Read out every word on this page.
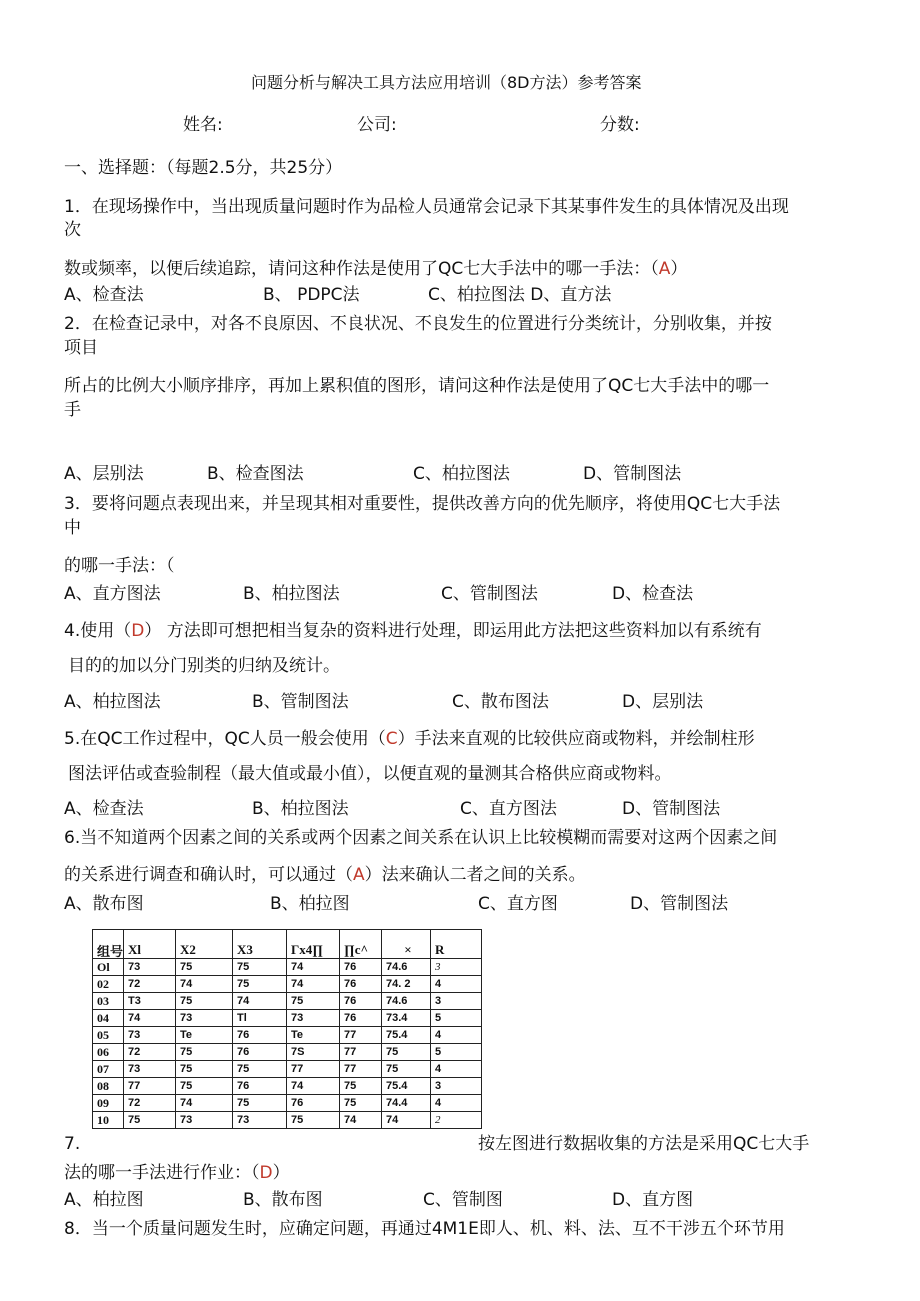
问题分析与解决工具方法应用培训（8D方法）参考答案
姓名:	公司:	分数:
一、选择题：（每题2.5分，共25分）
1．在现场操作中，当出现质量问题时作为品检人员通常会记录下其某事件发生的具体情况及出现
次
数或频率，以便后续追踪，请问这种作法是使用了QC七大手法中的哪一手法：（A）
A、检查法	B、 PDPC法	C、柏拉图法 D、直方法
2．在检查记录中，对各不良原因、不良状况、不良发生的位置进行分类统计，分别收集，并按
项目
所占的比例大小顺序排序，再加上累积值的图形，请问这种作法是使用了QC七大手法中的哪一
手
A、层别法	B、检查图法	C、柏拉图法	D、管制图法
3．要将问题点表现出来，并呈现其相对重要性，提供改善方向的优先顺序，将使用QC七大手法
中
的哪一手法：（
A、直方图法	B、柏拉图法	C、管制图法	D、检查法
4.使用（D） 方法即可想把相当复杂的资料进行处理，即运用此方法把这些资料加以有系统有
目的的加以分门别类的归纳及统计。
A、柏拉图法	B、管制图法	C、散布图法	D、层别法
5.在QC工作过程中，QC人员一般会使用（C）手法来直观的比较供应商或物料，并绘制柱形
图法评估或查验制程（最大值或最小值），以便直观的量测其合格供应商或物料。
A、检查法	B、柏拉图法	C、直方图法	D、管制图法
6.当不知道两个因素之间的关系或两个因素之间关系在认识上比较模糊而需要对这两个因素之间
的关系进行调查和确认时，可以通过（A）法来确认二者之间的关系。
A、散布图	B、柏拉图	C、直方图	D、管制图法
组号	Xl	X2	X3	Γx4∏	∏c^	×	R
Ol	73	75	75	74	76	74.6	3
02	72	74	75	74	76	74. 2	4
03	T3	75	74	75	76	74.6	3
04	74	73	Tl	73	76	73.4	5
05	73	Te	76	Te	77	75.4	4
06	72	75	76	7S	77	75	5
07	73	75	75	77	77	75	4
08	77	75	76	74	75	75.4	3
09	72	74	75	76	75	74.4	4
10	75	73	73	75	74	74	2
7.	按左图进行数据收集的方法是采用QC七大手
法的哪一手法进行作业：（D）
A、柏拉图	B、散布图	C、管制图	D、直方图
8．当一个质量问题发生时，应确定问题，再通过4M1E即人、机、料、法、互不干涉五个环节用
